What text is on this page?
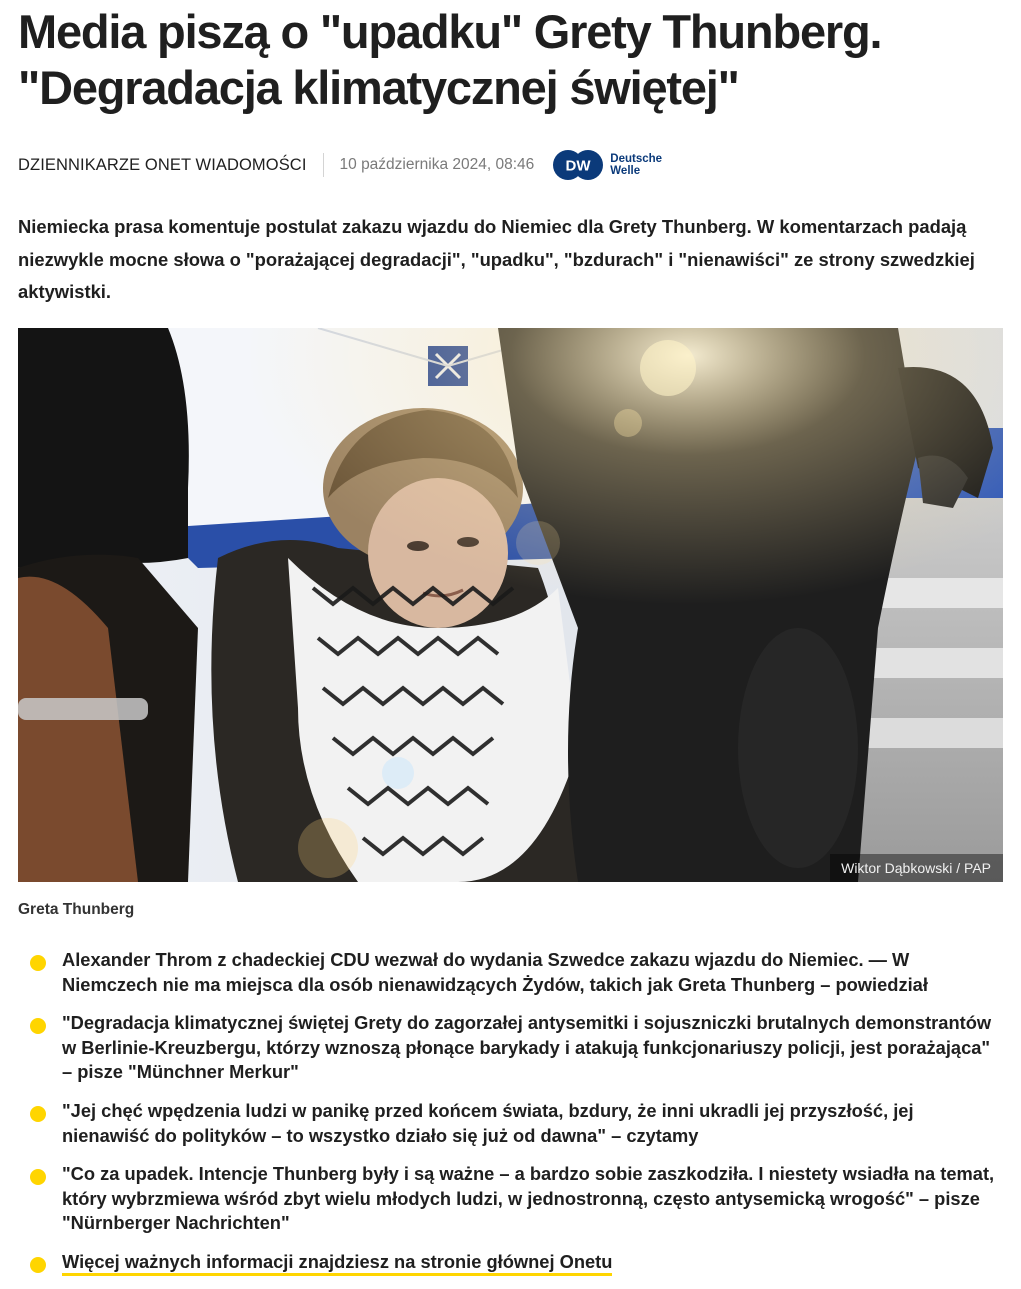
Media piszą o "upadku" Grety Thunberg.
"Degradacja klimatycznej świętej"
DZIENNIKARZE ONET WIADOMOŚCI 10 października 2024, 08:46 DW Deutsche
Welle

Niemiecka prasa komentuje postulat zakazu wjazdu do Niemiec dla Grety Thunberg. W komentarzach padają niezwykle mocne słowa o "porażającej degradacji", "upadku", "bzdurach" i "nienawiści" ze strony szwedzkiej aktywistki.

Wiktor Dąbkowski / PAP
Greta Thunberg
Alexander Throm z chadeckiej CDU wezwał do wydania Szwedce zakazu wjazdu do Niemiec. — W Niemczech nie ma miejsca dla osób nienawidzących Żydów, takich jak Greta Thunberg – powiedział
"Degradacja klimatycznej świętej Grety do zagorzałej antysemitki i sojuszniczki brutalnych demonstrantów w Berlinie-Kreuzbergu, którzy wznoszą płonące barykady i atakują funkcjonariuszy policji, jest porażająca" – pisze "Münchner Merkur"
"Jej chęć wpędzenia ludzi w panikę przed końcem świata, bzdury, że inni ukradli jej przyszłość, jej nienawiść do polityków – to wszystko działo się już od dawna" – czytamy
"Co za upadek. Intencje Thunberg były i są ważne – a bardzo sobie zaszkodziła. I niestety wsiadła na temat, który wybrzmiewa wśród zbyt wielu młodych ludzi, w jednostronną, często antysemicką wrogość" – pisze "Nürnberger Nachrichten"
Więcej ważnych informacji znajdziesz na stronie głównej Onetu
